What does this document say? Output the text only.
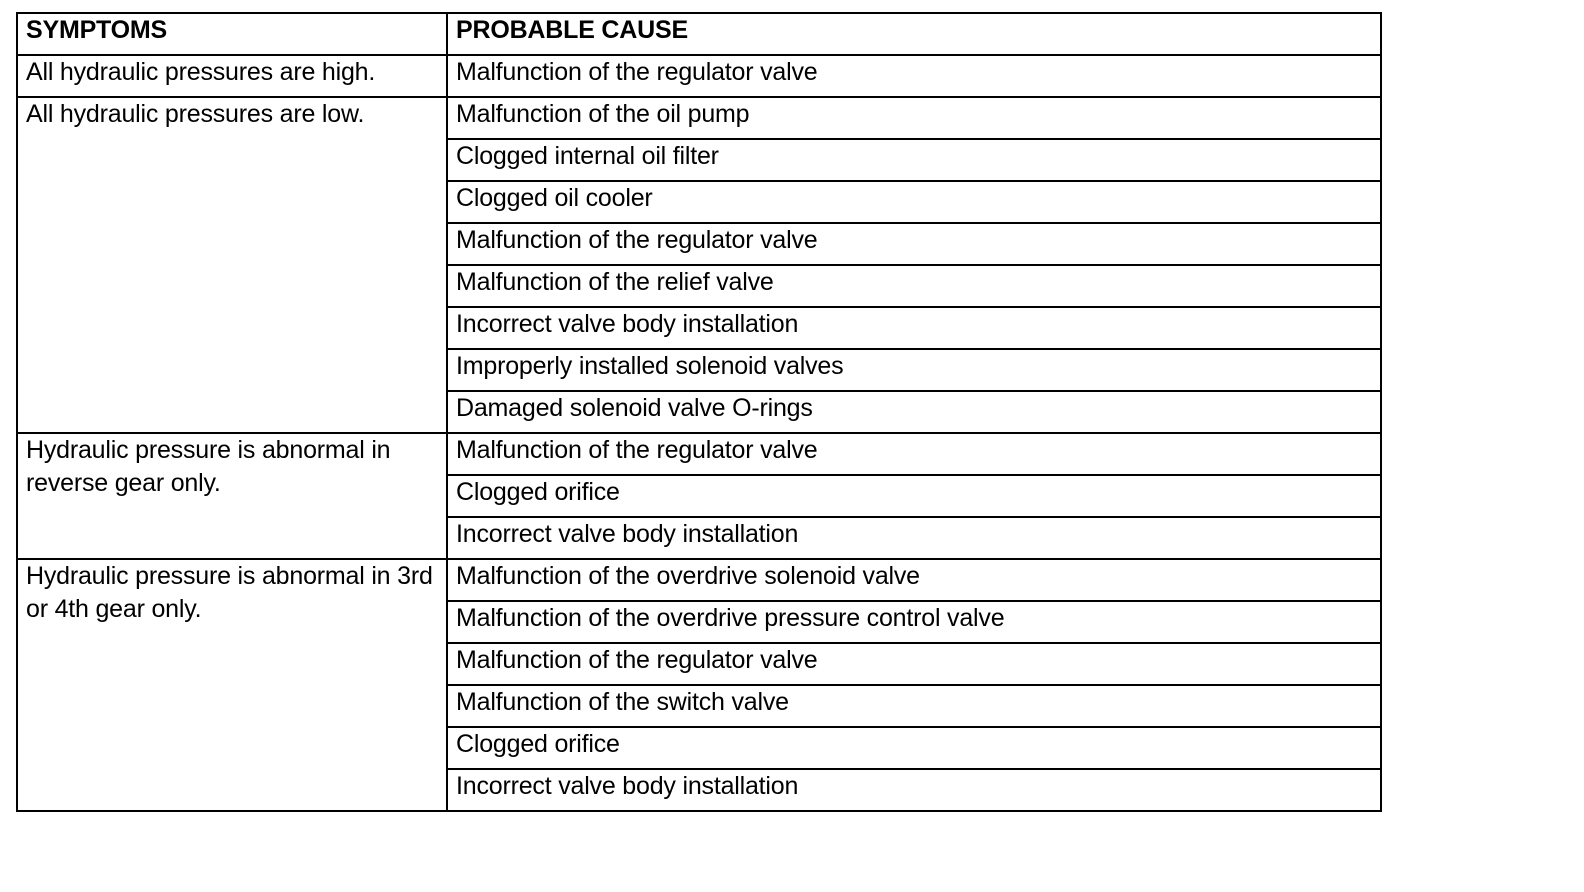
SYMPTOMS	PROBABLE CAUSE
All hydraulic pressures are high.	Malfunction of the regulator valve
All hydraulic pressures are low.	Malfunction of the oil pump
	Clogged internal oil filter
	Clogged oil cooler
	Malfunction of the regulator valve
	Malfunction of the relief valve
	Incorrect valve body installation
	Improperly installed solenoid valves
	Damaged solenoid valve O-rings
Hydraulic pressure is abnormal in reverse gear only.	Malfunction of the regulator valve
	Clogged orifice
	Incorrect valve body installation
Hydraulic pressure is abnormal in 3rd or 4th gear only.	Malfunction of the overdrive solenoid valve
	Malfunction of the overdrive pressure control valve
	Malfunction of the regulator valve
	Malfunction of the switch valve
	Clogged orifice
	Incorrect valve body installation
